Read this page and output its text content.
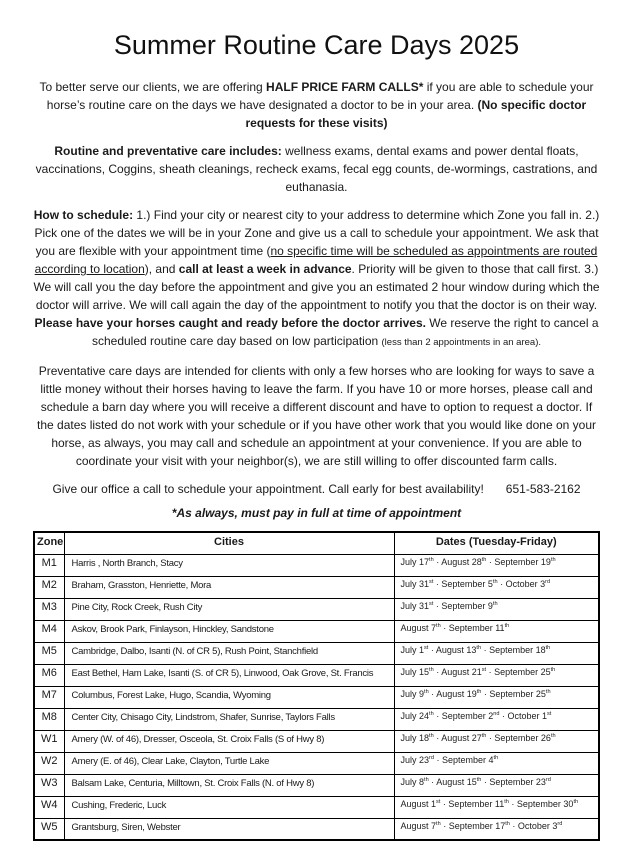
Summer Routine Care Days 2025

To better serve our clients, we are offering HALF PRICE FARM CALLS* if you are able to schedule your horse’s routine care on the days we have designated a doctor to be in your area. (No specific doctor requests for these visits)

Routine and preventative care includes: wellness exams, dental exams and power dental floats, vaccinations, Coggins, sheath cleanings, recheck exams, fecal egg counts, de-wormings, castrations, and euthanasia.

How to schedule: 1.) Find your city or nearest city to your address to determine which Zone you fall in. 2.) Pick one of the dates we will be in your Zone and give us a call to schedule your appointment. We ask that you are flexible with your appointment time (no specific time will be scheduled as appointments are routed according to location), and call at least a week in advance. Priority will be given to those that call first. 3.) We will call you the day before the appointment and give you an estimated 2 hour window during which the doctor will arrive. We will call again the day of the appointment to notify you that the doctor is on their way. Please have your horses caught and ready before the doctor arrives. We reserve the right to cancel a scheduled routine care day based on low participation (less than 2 appointments in an area).

Preventative care days are intended for clients with only a few horses who are looking for ways to save a little money without their horses having to leave the farm. If you have 10 or more horses, please call and schedule a barn day where you will receive a different discount and have to option to request a doctor. If the dates listed do not work with your schedule or if you have other work that you would like done on your horse, as always, you may call and schedule an appointment at your convenience. If you are able to coordinate your visit with your neighbor(s), we are still willing to offer discounted farm calls.

Give our office a call to schedule your appointment. Call early for best availability! 651-583-2162

*As always, must pay in full at time of appointment

Zone	Cities	Dates (Tuesday-Friday)
M1	Harris , North Branch, Stacy	July 17th · August 28th · September 19th
M2	Braham, Grasston, Henriette, Mora	July 31st · September 5th · October 3rd
M3	Pine City, Rock Creek, Rush City	July 31st · September 9th
M4	Askov, Brook Park, Finlayson, Hinckley, Sandstone	August 7th · September 11th
M5	Cambridge, Dalbo, Isanti (N. of CR 5), Rush Point, Stanchfield	July 1st · August 13th · September 18th
M6	East Bethel, Ham Lake, Isanti (S. of CR 5), Linwood, Oak Grove, St. Francis	July 15th · August 21st · September 25th
M7	Columbus, Forest Lake, Hugo, Scandia, Wyoming	July 9th · August 19th · September 25th
M8	Center City, Chisago City, Lindstrom, Shafer, Sunrise, Taylors Falls	July 24th · September 2nd · October 1st
W1	Amery (W. of 46), Dresser, Osceola, St. Croix Falls (S of Hwy 8)	July 18th · August 27th · September 26th
W2	Amery (E. of 46), Clear Lake, Clayton, Turtle Lake	July 23rd · September 4th
W3	Balsam Lake, Centuria, Milltown, St. Croix Falls (N. of Hwy 8)	July 8th · August 15th · September 23rd
W4	Cushing, Frederic, Luck	August 1st · September 11th · September 30th
W5	Grantsburg, Siren, Webster	August 7th · September 17th · October 3rd
